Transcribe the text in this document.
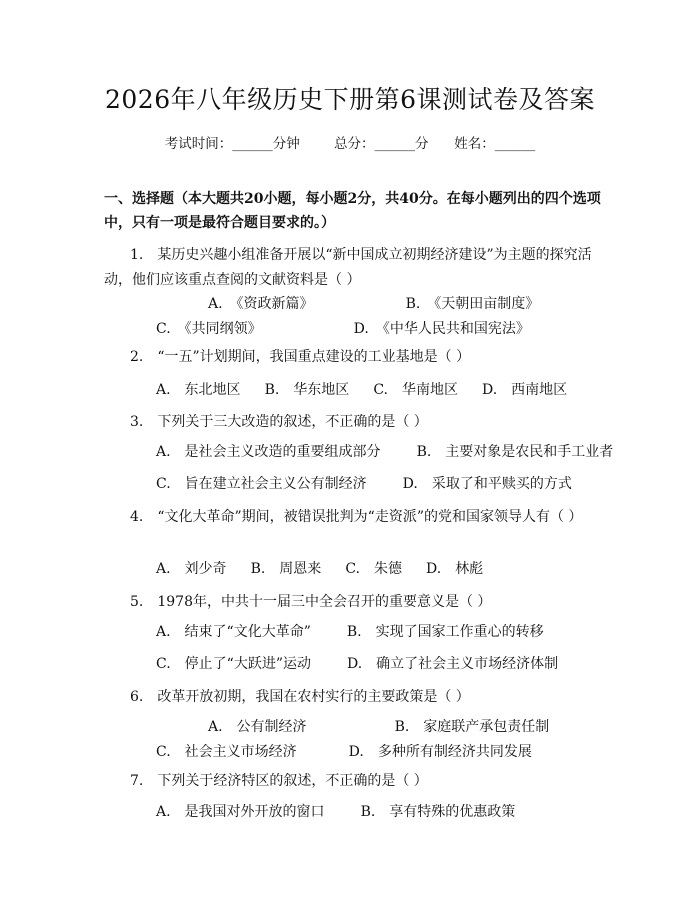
2026年八年级历史下册第6课测试卷及答案
考试时间：______分钟	总分：______分 姓名：______
一、选择题（本大题共20小题，每小题2分，共40分。在每小题列出的四个选项中，只有一项是最符合题目要求的。）
1.　某历史兴趣小组准备开展以“新中国成立初期经济建设”为主题的探究活动，他们应该重点查阅的文献资料是（ ）
A.　《资政新篇》	B.　《天朝田亩制度》C.　《共同纲领》	D.　《中华人民共和国宪法》
2.　“一五”计划期间，我国重点建设的工业基地是（ ）
A.　东北地区 B.　华东地区 C.　华南地区 D.　西南地区
3.　下列关于三大改造的叙述，不正确的是（ ）
A.　是社会主义改造的重要组成部分	B.　主要对象是农民和手工业者
C.　旨在建立社会主义公有制经济	D.　采取了和平赎买的方式
4.　“文化大革命”期间，被错误批判为“走资派”的党和国家领导人有（ ）
A.　刘少奇 B.　周恩来 C.　朱德 D.　林彪
5.　1978年，中共十一届三中全会召开的重要意义是（ ）
A.　结束了“文化大革命”	B.　实现了国家工作重心的转移
C.　停止了“大跃进”运动	D.　确立了社会主义市场经济体制
6.　改革开放初期，我国在农村实行的主要政策是（ ）
A.　公有制经济	B.　家庭联产承包责任制C.　社会主义市场经济	D.　多种所有制经济共同发展
7.　下列关于经济特区的叙述，不正确的是（ ）
A.　是我国对外开放的窗口	B.　享有特殊的优惠政策
